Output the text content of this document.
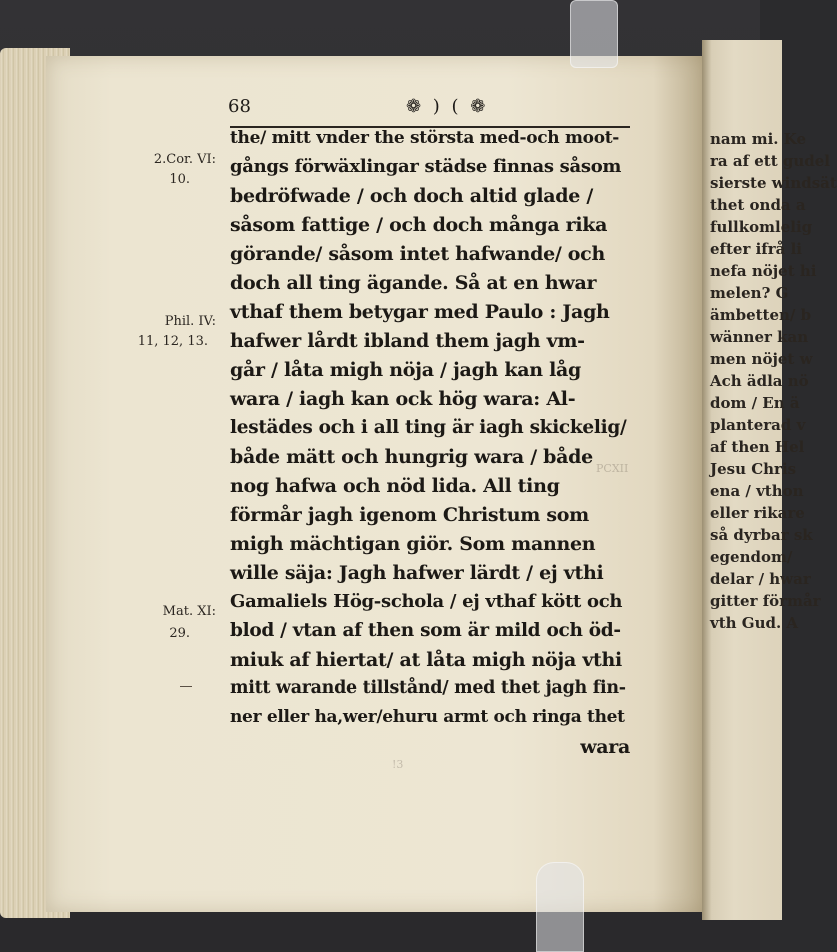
nam mi. Ke
ra af ett gudel
sierste windsät
thet onda a
fullkomlelig
efter ifrå li
nefa nöjet hi
melen? G
ämbetten/ b
wänner kan
men nöjet w
Ach ädla nö
dom / En ä
planterad v
af then Hel
Jesu Chris
ena / vthon
eller rikare
så dyrbar sk
egendom/
delar / hwar
gitter förmår
vth Gud. A
68	❁ ) ( ❁
2.Cor. VI:
10.
Phil. IV:
11, 12, 13.
Mat. XI:
29.
PCXII
!3
the/ mitt vnder the största med-och moot-
gångs förwäxlingar städse finnas såsom
bedröfwade / och doch altid glade /
såsom fattige / och doch många rika
görande/ såsom intet hafwande/ och
doch all ting ägande. Så at en hwar
vthaf them betygar med Paulo : Jagh
hafwer lårdt ibland them jagh vm-
går / låta migh nöja / jagh kan låg
wara / iagh kan ock hög wara: Al-
lestädes och i all ting är iagh skickelig/
både mätt och hungrig wara / både
nog hafwa och nöd lida. All ting
förmår jagh igenom Christum som
migh mächtigan giör. Som mannen
wille säja: Jagh hafwer lärdt / ej vthi
Gamaliels Hög-schola / ej vthaf kött och
blod / vtan af then som är mild och öd-
miuk af hiertat/ at låta migh nöja vthi
mitt warande tillstånd/ med thet jagh fin-
ner eller ha,wer/ehuru armt och ringa thet
wara
